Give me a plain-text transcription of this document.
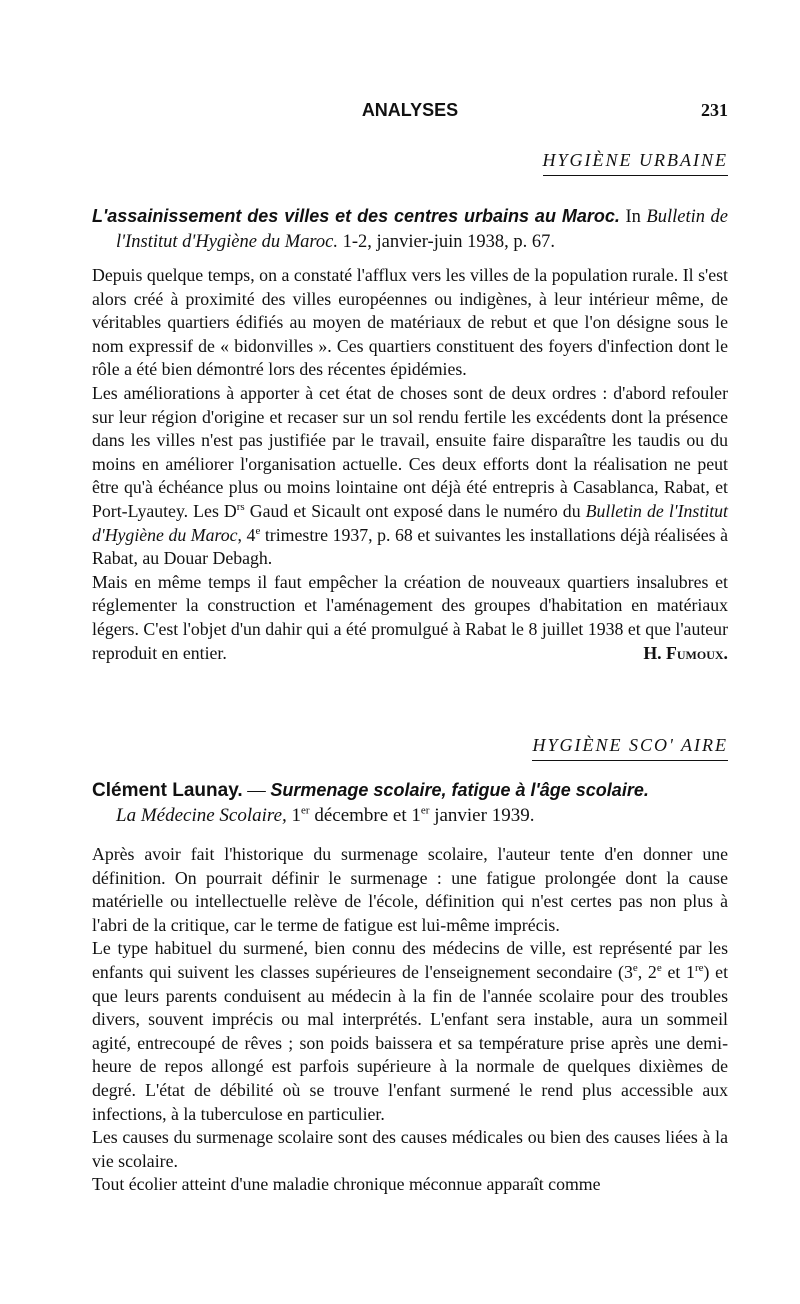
ANALYSES	231
HYGIÈNE URBAINE
L'assainissement des villes et des centres urbains au Maroc. In Bulletin de l'Institut d'Hygiène du Maroc. 1-2, janvier-juin 1938, p. 67.

Depuis quelque temps, on a constaté l'afflux vers les villes de la population rurale. Il s'est alors créé à proximité des villes européennes ou indigènes, à leur intérieur même, de véritables quartiers édifiés au moyen de matériaux de rebut et que l'on désigne sous le nom expressif de « bidonvilles ». Ces quartiers constituent des foyers d'infection dont le rôle a été bien démontré lors des récentes épidémies.

Les améliorations à apporter à cet état de choses sont de deux ordres : d'abord refouler sur leur région d'origine et recaser sur un sol rendu fertile les excédents dont la présence dans les villes n'est pas justifiée par le travail, ensuite faire disparaître les taudis ou du moins en améliorer l'organisation actuelle. Ces deux efforts dont la réalisation ne peut être qu'à échéance plus ou moins lointaine ont déjà été entrepris à Casablanca, Rabat, et Port-Lyautey. Les $D^{rs}$ Gaud et Sicault ont exposé dans le numéro du Bulletin de l'Institut d'Hygiène du Maroc, 4e trimestre 1937, p. 68 et suivantes les installations déjà réalisées à Rabat, au Douar Debagh.

Mais en même temps il faut empêcher la création de nouveaux quartiers insalubres et réglementer la construction et l'aménagement des groupes d'habitation en matériaux légers. C'est l'objet d'un dahir qui a été promulgué à Rabat le 8 juillet 1938 et que l'auteur reproduit en entier.	H. Fumoux.

HYGIÈNE SCO' AIRE
Clément Launay. — Surmenage scolaire, fatigue à l'âge scolaire.
La Médecine Scolaire, 1er décembre et 1er janvier 1939.

Après avoir fait l'historique du surmenage scolaire, l'auteur tente d'en donner une définition. On pourrait définir le surmenage : une fatigue prolongée dont la cause matérielle ou intellectuelle relève de l'école, définition qui n'est certes pas non plus à l'abri de la critique, car le terme de fatigue est lui-même imprécis.

Le type habituel du surmené, bien connu des médecins de ville, est représenté par les enfants qui suivent les classes supérieures de l'enseignement secondaire (3e, 2e et 1re) et que leurs parents conduisent au médecin à la fin de l'année scolaire pour des troubles divers, souvent imprécis ou mal interprétés. L'enfant sera instable, aura un sommeil agité, entrecoupé de rêves ; son poids baissera et sa température prise après une demi-heure de repos allongé est parfois supérieure à la normale de quelques dixièmes de degré. L'état de débilité où se trouve l'enfant surmené le rend plus accessible aux infections, à la tuberculose en particulier.

Les causes du surmenage scolaire sont des causes médicales ou bien des causes liées à la vie scolaire.

Tout écolier atteint d'une maladie chronique méconnue apparaît comme
